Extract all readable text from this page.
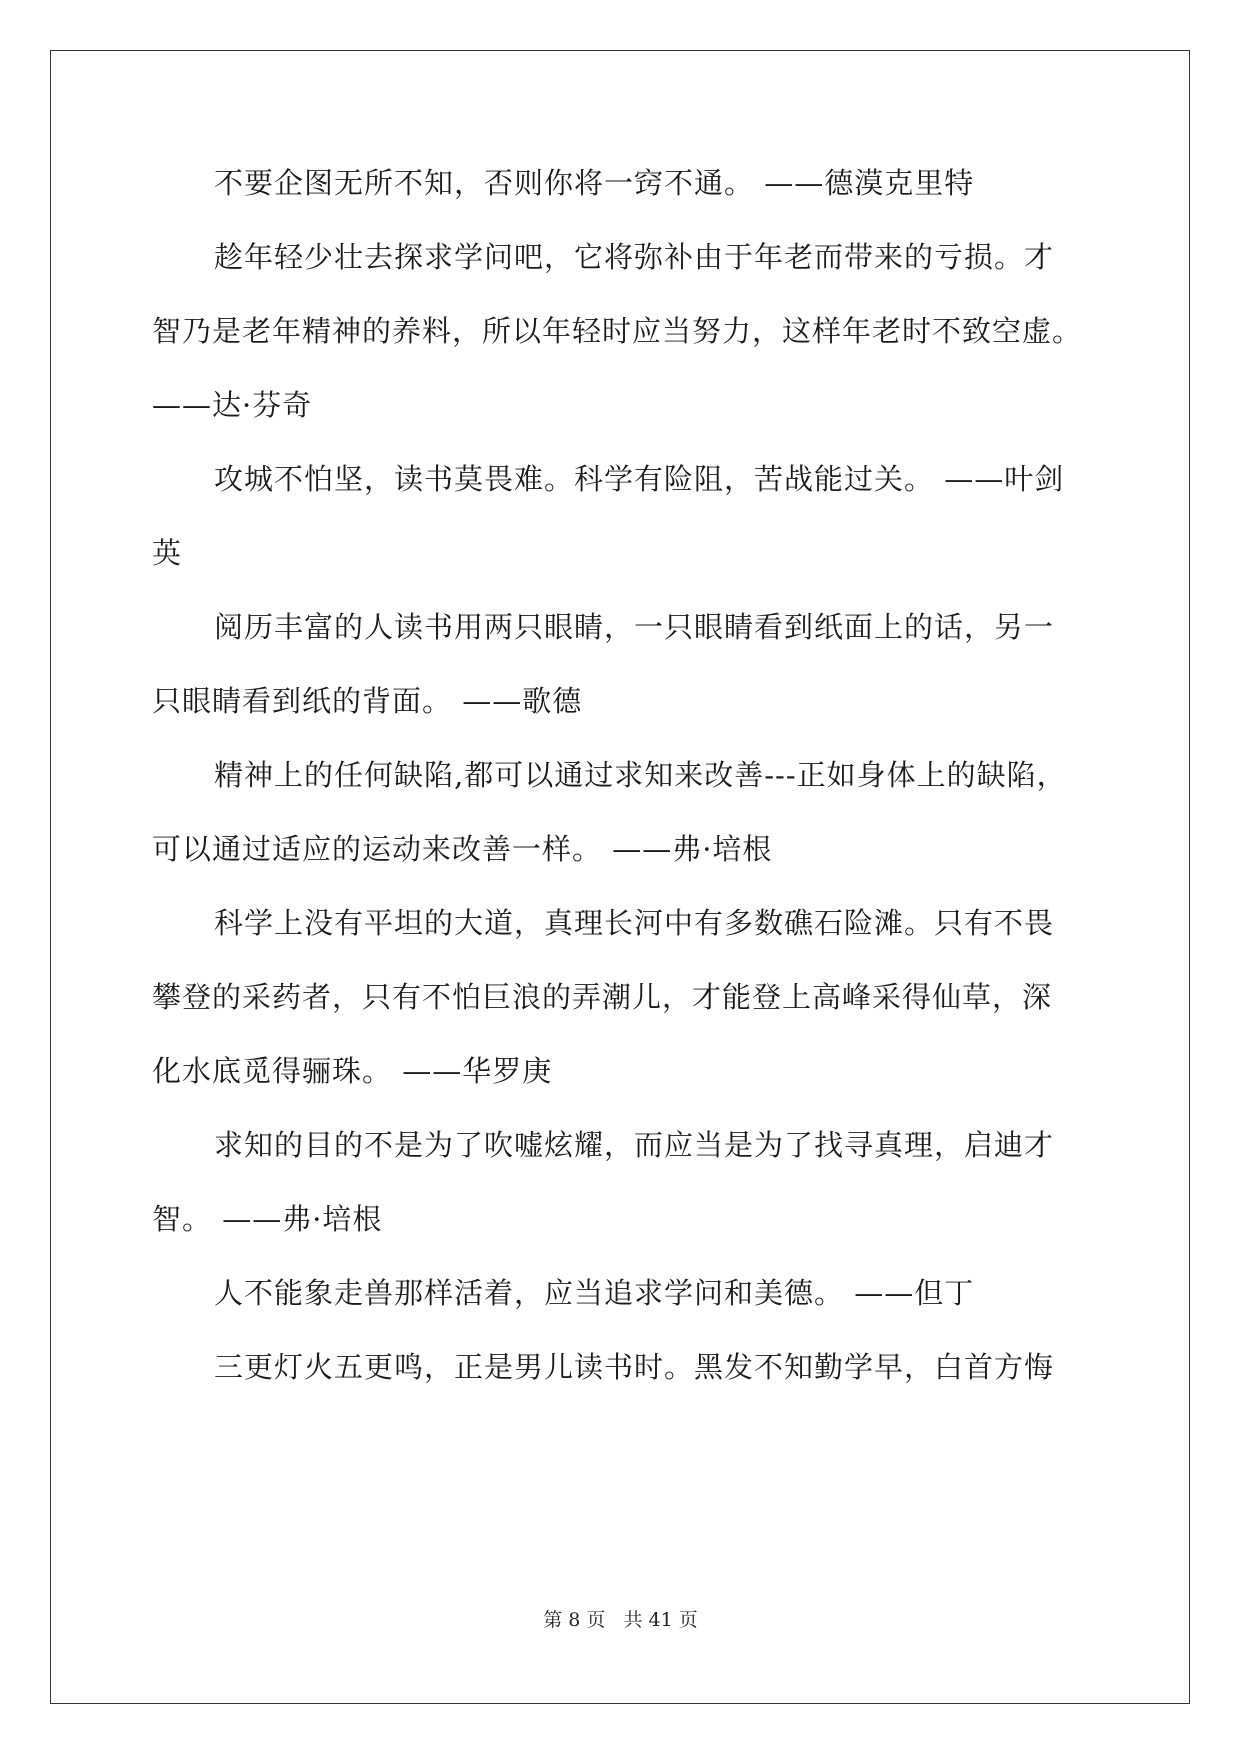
不要企图无所不知，否则你将一窍不通。 ——德漠克里特
趁年轻少壮去探求学问吧，它将弥补由于年老而带来的亏损。才
智乃是老年精神的养料，所以年轻时应当努力，这样年老时不致空虚。
——达·芬奇
攻城不怕坚，读书莫畏难。科学有险阻，苦战能过关。 ——叶剑
英
阅历丰富的人读书用两只眼睛，一只眼睛看到纸面上的话，另一
只眼睛看到纸的背面。 ——歌德
精神上的任何缺陷,都可以通过求知来改善---正如身体上的缺陷，
可以通过适应的运动来改善一样。 ——弗·培根
科学上没有平坦的大道，真理长河中有多数礁石险滩。只有不畏
攀登的采药者，只有不怕巨浪的弄潮儿，才能登上高峰采得仙草，深
化水底觅得骊珠。 ——华罗庚
求知的目的不是为了吹嘘炫耀，而应当是为了找寻真理，启迪才
智。 ——弗·培根
人不能象走兽那样活着，应当追求学问和美德。 ——但丁
三更灯火五更鸣，正是男儿读书时。黑发不知勤学早，白首方悔
第 8 页 共 41 页
